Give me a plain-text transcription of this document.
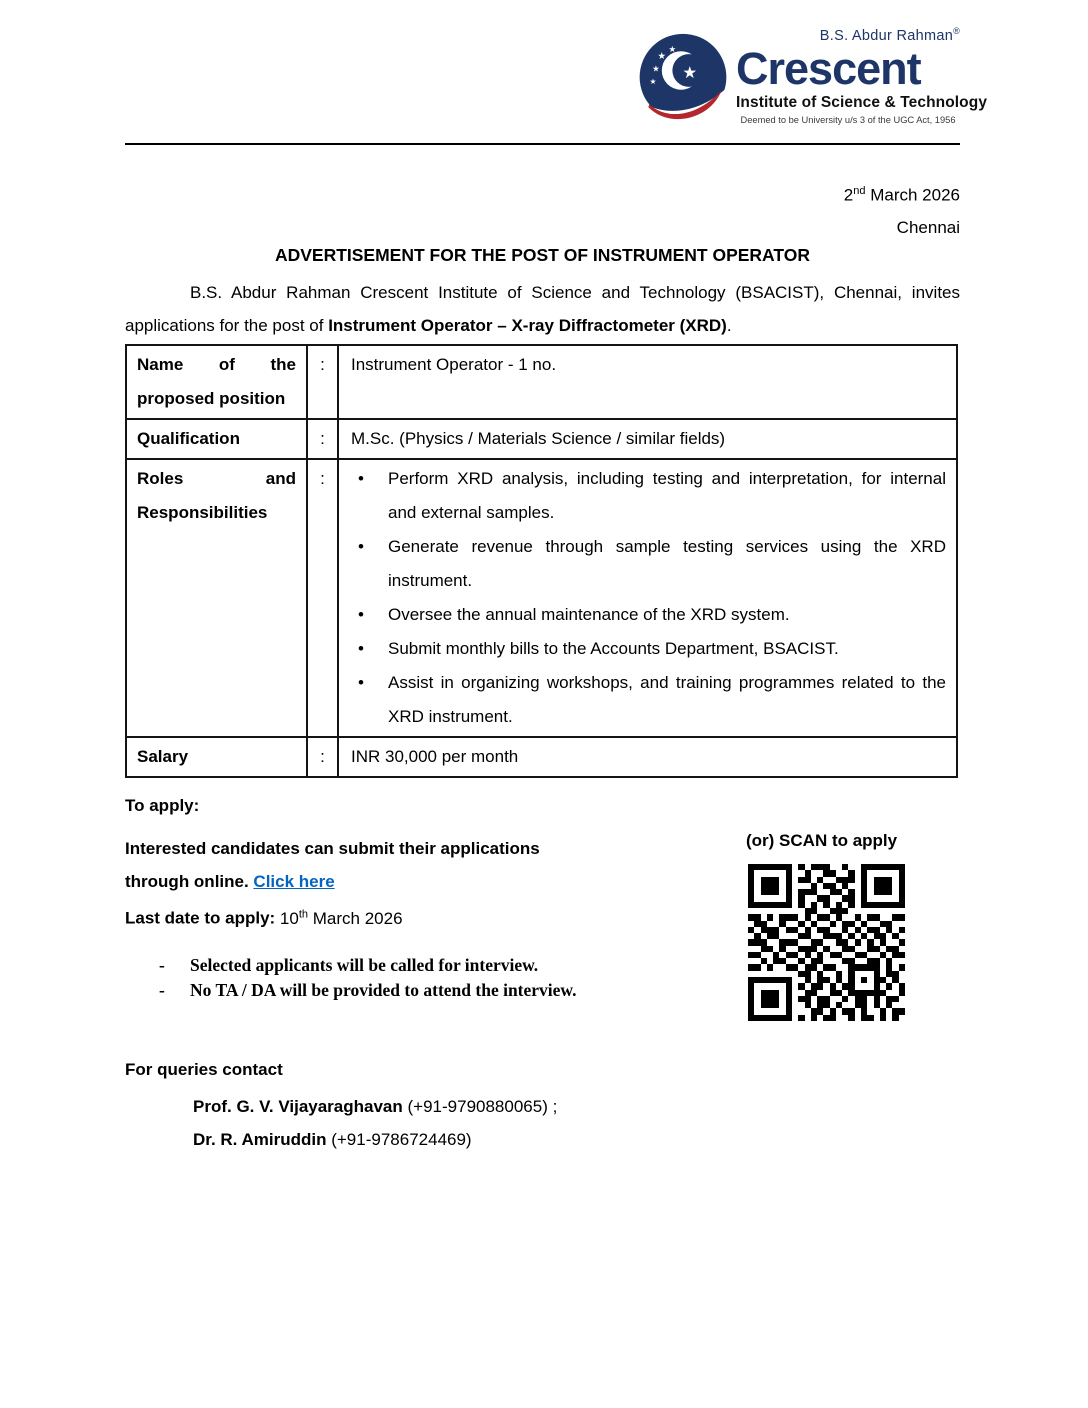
★
★
★
★ ★
★
B.S. Abdur Rahman®
Crescent
Institute of Science & Technology
Deemed to be University u/s 3 of the UGC Act, 1956
2nd March 2026
Chennai
ADVERTISEMENT FOR THE POST OF INSTRUMENT OPERATOR
B.S. Abdur Rahman Crescent Institute of Science and Technology (BSACIST), Chennai, invites applications for the post of Instrument Operator – X-ray Diffractometer (XRD).
Name of the proposed position	:	Instrument Operator - 1 no.
Qualification	:	M.Sc. (Physics / Materials Science / similar fields)
Roles and Responsibilities	:	
•Perform XRD analysis, including testing and interpretation, for internal and external samples.
• Generate revenue through sample testing services using the XRD instrument.
• Oversee the annual maintenance of the XRD system.
• Submit monthly bills to the Accounts Department, BSACIST.
• Assist in organizing workshops, and training programmes related to the XRD instrument.

Salary	:	INR 30,000 per month
To apply:
Interested candidates can submit their applications
through online. Click here
Last date to apply: 10th March 2026
(or) SCAN to apply
- Selected applicants will be called for interview.
- No TA / DA will be provided to attend the interview.
For queries contact
Prof. G. V. Vijayaraghavan (+91-9790880065) ;
Dr. R. Amiruddin (+91-9786724469)
